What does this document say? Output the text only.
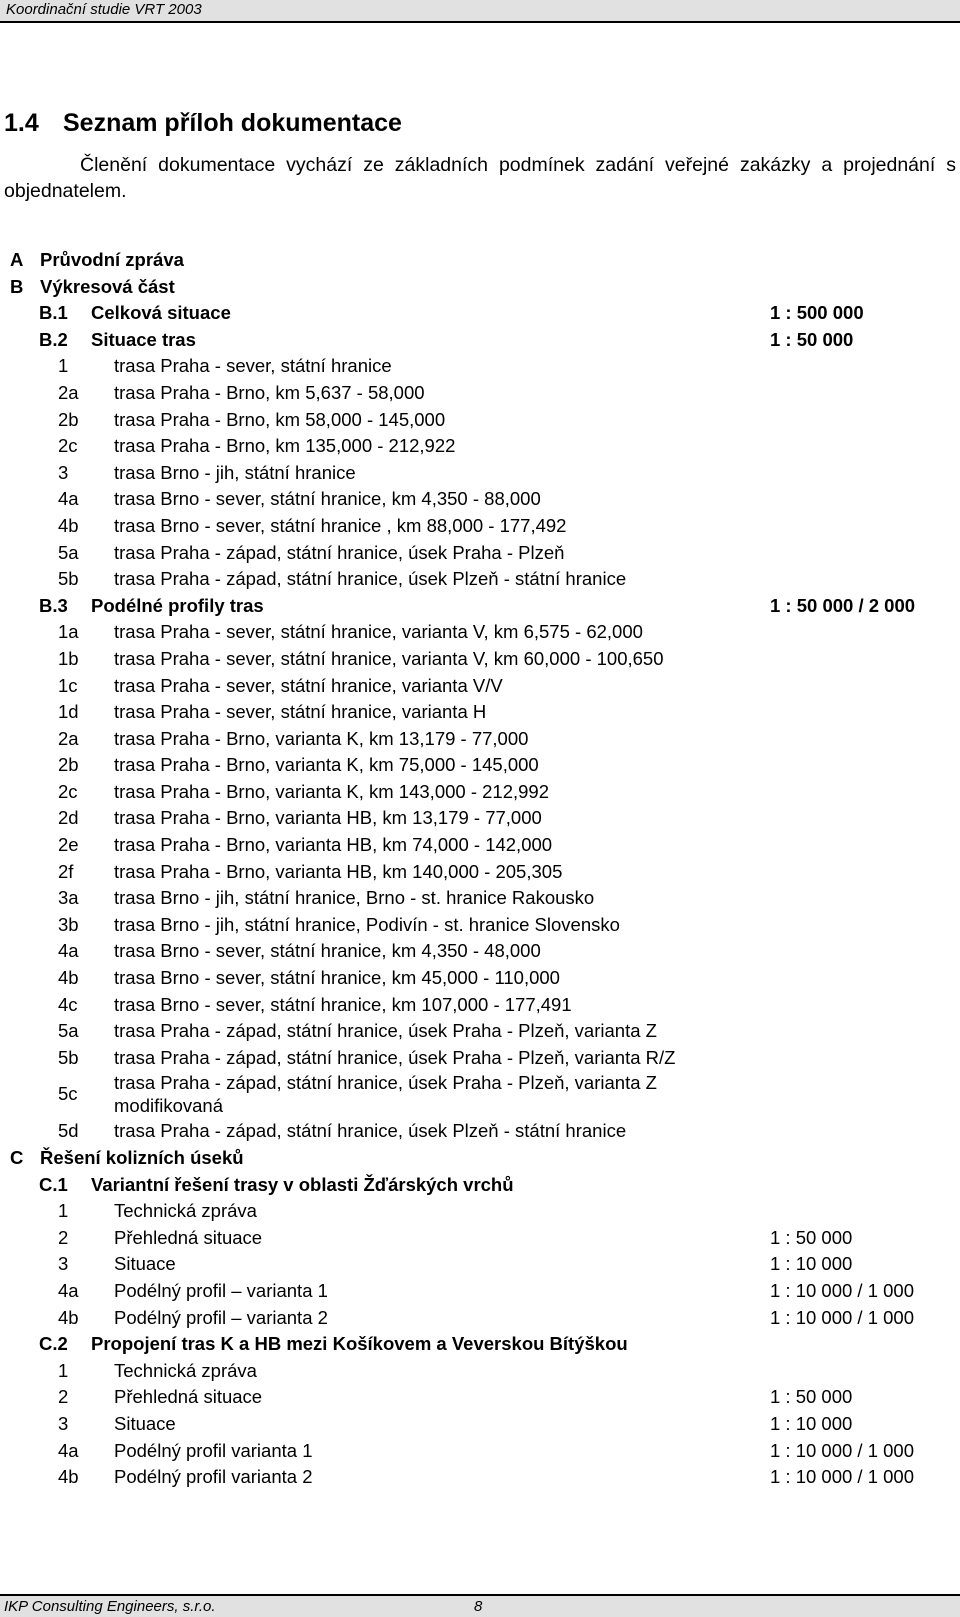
Koordinační studie VRT 2003
1.4 Seznam příloh dokumentace
Členění dokumentace vychází ze základních podmínek zadání veřejné zakázky a projednání s objednatelem.
A Průvodní zpráva
B Výkresová část
B.1 Celková situace	1 : 500 000
B.2 Situace tras	1 : 50 000
1 trasa Praha - sever, státní hranice
2a trasa Praha - Brno, km 5,637 - 58,000
2b trasa Praha - Brno, km 58,000 - 145,000
2c trasa Praha - Brno, km 135,000 - 212,922
3 trasa Brno - jih, státní hranice
4a trasa Brno - sever, státní hranice, km 4,350 - 88,000
4b trasa Brno - sever, státní hranice , km 88,000 - 177,492
5a trasa Praha - západ, státní hranice, úsek Praha - Plzeň
5b trasa Praha - západ, státní hranice, úsek Plzeň - státní hranice
B.3 Podélné profily tras	1 : 50 000 / 2 000
1a trasa Praha - sever, státní hranice, varianta V, km 6,575 - 62,000
1b trasa Praha - sever, státní hranice, varianta V, km 60,000 - 100,650
1c trasa Praha - sever, státní hranice, varianta V/V
1d trasa Praha - sever, státní hranice, varianta H
2a trasa Praha - Brno, varianta K, km 13,179 - 77,000
2b trasa Praha - Brno, varianta K, km 75,000 - 145,000
2c trasa Praha - Brno, varianta K, km 143,000 - 212,992
2d trasa Praha - Brno, varianta HB, km 13,179 - 77,000
2e trasa Praha - Brno, varianta HB, km 74,000 - 142,000
2f trasa Praha - Brno, varianta HB, km 140,000 - 205,305
3a trasa Brno - jih, státní hranice, Brno - st. hranice Rakousko
3b trasa Brno - jih, státní hranice, Podivín - st. hranice Slovensko
4a trasa Brno - sever, státní hranice, km 4,350 - 48,000
4b trasa Brno - sever, státní hranice, km 45,000 - 110,000
4c trasa Brno - sever, státní hranice, km 107,000 - 177,491
5a trasa Praha - západ, státní hranice, úsek Praha - Plzeň, varianta Z
5b trasa Praha - západ, státní hranice, úsek Praha - Plzeň, varianta R/Z
5c
trasa Praha - západ, státní hranice, úsek Praha - Plzeň, varianta Z modifikovaná
5d trasa Praha - západ, státní hranice, úsek Plzeň - státní hranice
C Řešení kolizních úseků
C.1 Variantní řešení trasy v oblasti Žďárských vrchů
1 Technická zpráva
2 Přehledná situace	1 : 50 000
3 Situace	1 : 10 000
4a Podélný profil – varianta 1	1 : 10 000 / 1 000
4b Podélný profil – varianta 2	1 : 10 000 / 1 000
C.2 Propojení tras K a HB mezi Košíkovem a Veverskou Bítýškou
1 Technická zpráva
2 Přehledná situace	1 : 50 000
3 Situace	1 : 10 000
4a Podélný profil varianta 1	1 : 10 000 / 1 000
4b Podélný profil varianta 2	1 : 10 000 / 1 000
IKP Consulting Engineers, s.r.o.	8
